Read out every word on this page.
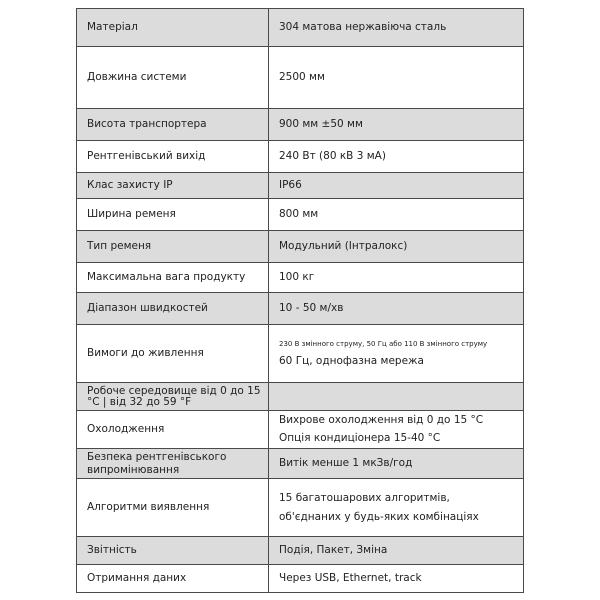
Матеріал	304 матова нержавіюча сталь
Довжина системи	2500 мм
Висота транспортера	900 мм ±50 мм
Рентгенівський вихід	240 Вт (80 кВ 3 мА)
Клас захисту IP	IP66
Ширина ременя	800 мм
Тип ременя	Модульний (Інтралокс)
Максимальна вага продукту	100 кг
Діапазон швидкостей	10 - 50 м/хв
Вимоги до живлення	230 В змінного струму, 50 Гц або 110 В змінного струму
60 Гц, однофазна мережа

Робоче середовище від 0 до 15 °C | від 32 до 59 °F	
Охолодження	Вихрове охолодження від 0 до 15 °C
Опція кондиціонера 15-40 °C

Безпека рентгенівського випромінювання	Витік менше 1 мкЗв/год
Алгоритми виявлення	15 багатошарових алгоритмів,
об'єднаних у будь-яких комбінаціях

Звітність	Подія, Пакет, Зміна
Отримання даних	Через USB, Ethernet, track
